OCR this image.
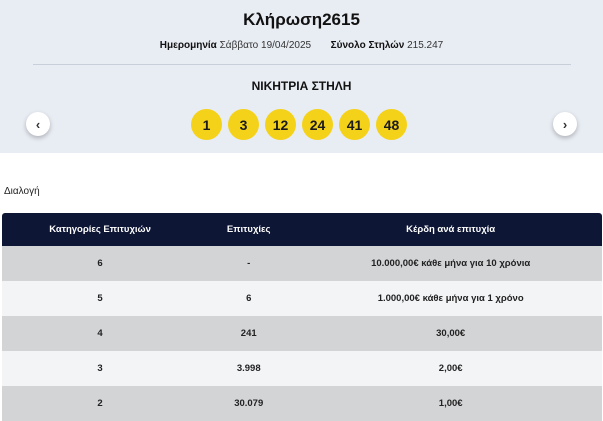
Κλήρωση2615
Ημερομηνία Σάββατο 19/04/2025 Σύνολο Στηλών 215.247
ΝΙΚΗΤΡΙΑ ΣΤΗΛΗ
‹	1	3	12	24	41	48	›
Διαλογή
Κατηγορίες Επιτυχιών	Επιτυχίες	Κέρδη ανά επιτυχία
6	-	10.000,00€ κάθε μήνα για 10 χρόνια
5	6	1.000,00€ κάθε μήνα για 1 χρόνο
4	241	30,00€
3	3.998	2,00€
2	30.079	1,00€
